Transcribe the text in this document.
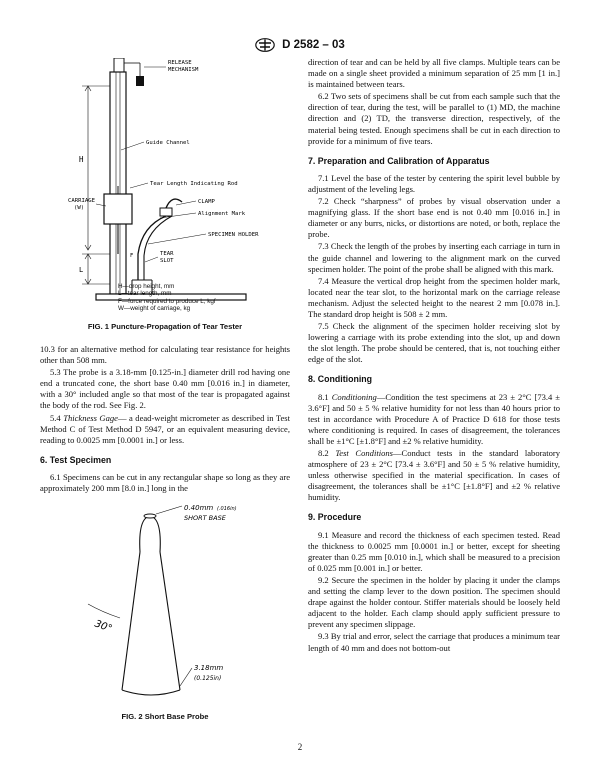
D 2582 – 03
RELEASE
MECHANISM
Guide Channel
H
Tear Length Indicating Rod
CARRIAGE
(W)
CLAMP
Alignment Mark
SPECIMEN HOLDER
TEAR
SLOT
F
L
H—drop height, mm
L—tear length, mm
F—force required to produce L, kgf
W—weight of carriage, kg
FIG. 1 Puncture-Propagation of Tear Tester

10.3 for an alternative method for calculating tear resistance for heights other than 508 mm.

5.3 The probe is a 3.18-mm [0.125-in.] diameter drill rod having one end a truncated cone, the short base 0.40 mm [0.016 in.] in diameter, with a 30° included angle so that most of the tear is propagated against the body of the rod. See Fig. 2.

5.4 Thickness Gage— a dead-weight micrometer as described in Test Method C of Test Method D 5947, or an equivalent measuring device, reading to 0.0025 mm [0.0001 in.] or less.

6. Test Specimen

6.1 Specimens can be cut in any rectangular shape so long as they are approximately 200 mm [8.0 in.] long in the

0.40mm (.016in)
SHORT BASE
30°
3.18mm
(0.125in)
FIG. 2 Short Base Probe

direction of tear and can be held by all five clamps. Multiple tears can be made on a single sheet provided a minimum separation of 25 mm [1 in.] is maintained between tears.

6.2 Two sets of specimens shall be cut from each sample such that the direction of tear, during the test, will be parallel to (1) MD, the machine direction and (2) TD, the transverse direction, respectively, of the material being tested. Enough specimens shall be cut in each direction to provide for a minimum of five tears.

7. Preparation and Calibration of Apparatus

7.1 Level the base of the tester by centering the spirit level bubble by adjustment of the leveling legs.

7.2 Check “sharpness” of probes by visual observation under a magnifying glass. If the short base end is not 0.40 mm [0.016 in.] in diameter or any burrs, nicks, or distortions are noted, or both, replace the probe.

7.3 Check the length of the probes by inserting each carriage in turn in the guide channel and lowering to the alignment mark on the curved specimen holder. The point of the probe shall be aligned with this mark.

7.4 Measure the vertical drop height from the specimen holder mark, located near the tear slot, to the horizontal mark on the carriage release mechanism. Adjust the selected height to the nearest 2 mm [0.078 in.]. The standard drop height is 508 ± 2 mm.

7.5 Check the alignment of the specimen holder receiving slot by lowering a carriage with its probe extending into the slot, up and down the slot length. The probe should be centered, that is, not touching either edge of the slot.

8. Conditioning

8.1 Conditioning—Condition the test specimens at 23 ± 2°C [73.4 ± 3.6°F] and 50 ± 5 % relative humidity for not less than 40 hours prior to test in accordance with Procedure A of Practice D 618 for those tests where conditioning is required. In cases of disagreement, the tolerances shall be ±1°C [±1.8°F] and ±2 % relative humidity.

8.2 Test Conditions—Conduct tests in the standard laboratory atmosphere of 23 ± 2°C [73.4 ± 3.6°F] and 50 ± 5 % relative humidity, unless otherwise specified in the material specification. In cases of disagreement, the tolerances shall be ±1°C [±1.8°F] and ±2 % relative humidity.

9. Procedure

9.1 Measure and record the thickness of each specimen tested. Read the thickness to 0.0025 mm [0.0001 in.] or better, except for sheeting greater than 0.25 mm [0.010 in.], which shall be measured to a precision of 0.025 mm [0.001 in.] or better.

9.2 Secure the specimen in the holder by placing it under the clamps and setting the clamp lever to the down position. The specimen should drape against the holder contour. Stiffer materials should be loosely held adjacent to the holder. Each clamp should apply sufficient pressure to prevent any specimen slippage.

9.3 By trial and error, select the carriage that produces a minimum tear length of 40 mm and does not bottom-out

2
